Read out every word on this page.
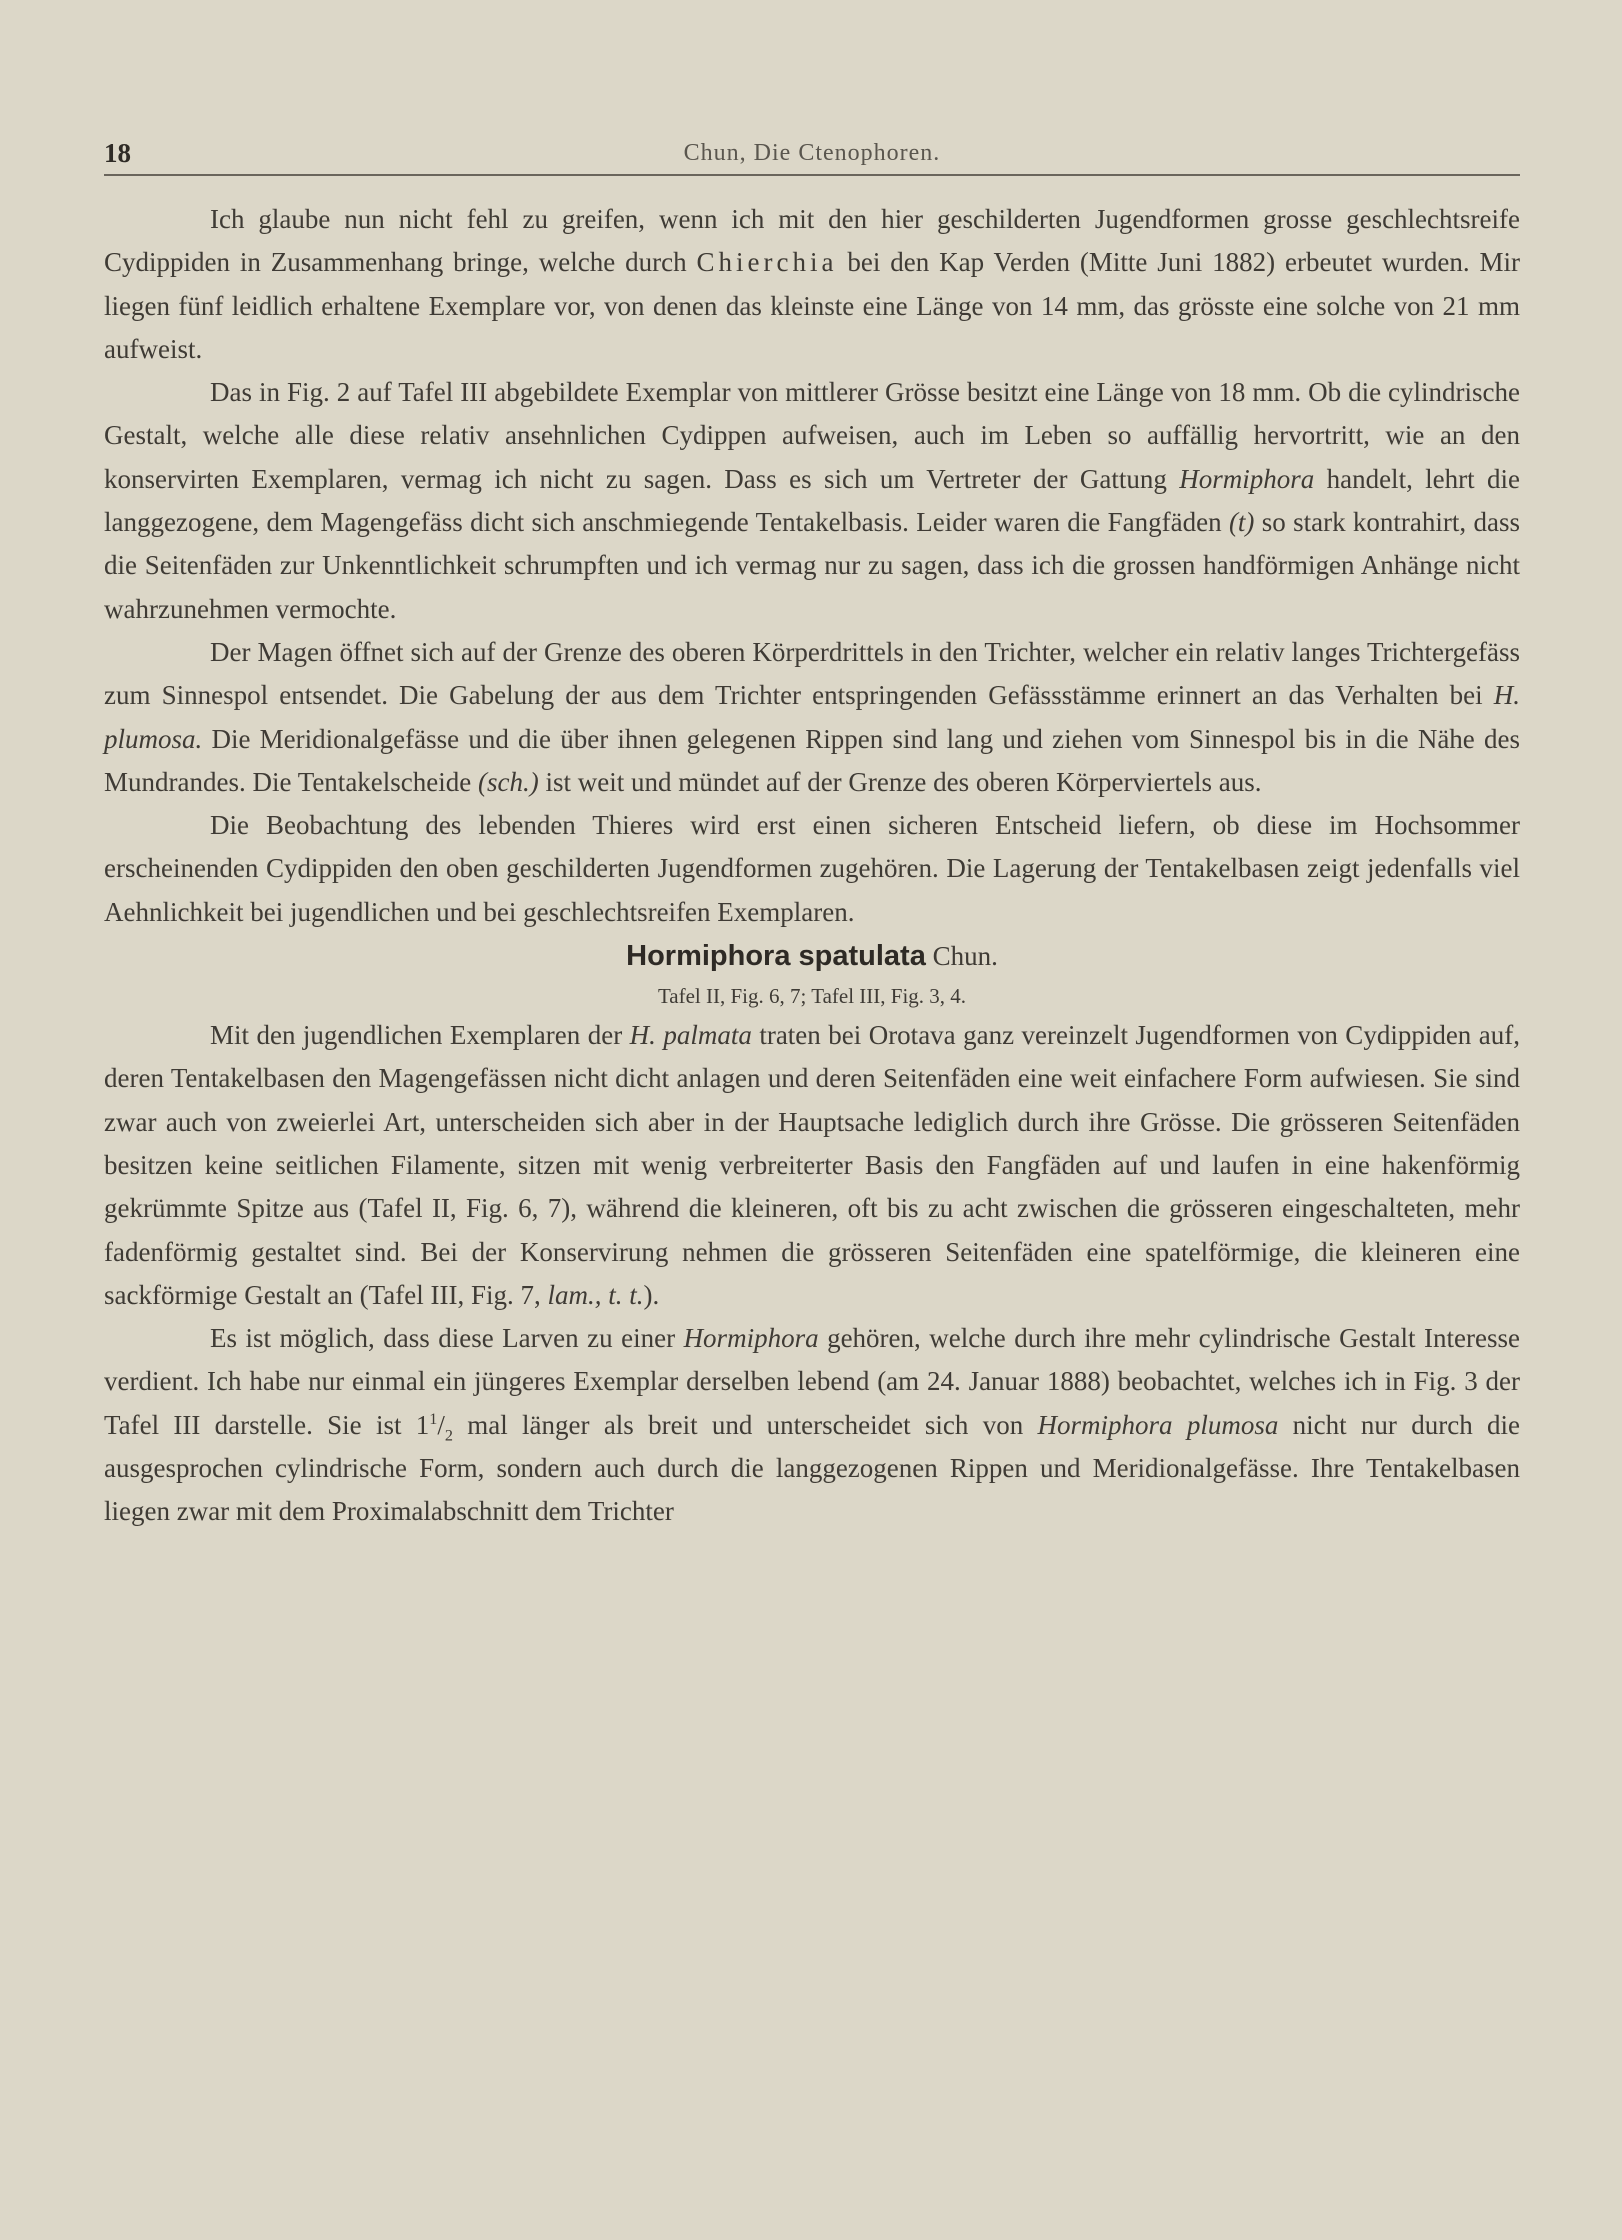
18	Chun, Die Ctenophoren.

Ich glaube nun nicht fehl zu greifen, wenn ich mit den hier geschilderten Jugendformen grosse geschlechtsreife Cydippiden in Zusammenhang bringe, welche durch Chierchia bei den Kap Verden (Mitte Juni 1882) erbeutet wurden. Mir liegen fünf leidlich erhaltene Exemplare vor, von denen das kleinste eine Länge von 14 mm, das grösste eine solche von 21 mm aufweist.

Das in Fig. 2 auf Tafel III abgebildete Exemplar von mittlerer Grösse besitzt eine Länge von 18 mm. Ob die cylindrische Gestalt, welche alle diese relativ ansehnlichen Cydippen aufweisen, auch im Leben so auffällig hervortritt, wie an den konservirten Exemplaren, vermag ich nicht zu sagen. Dass es sich um Vertreter der Gattung Hormiphora handelt, lehrt die langgezogene, dem Magengefäss dicht sich anschmiegende Tentakelbasis. Leider waren die Fangfäden (t) so stark kontrahirt, dass die Seitenfäden zur Unkenntlichkeit schrumpften und ich vermag nur zu sagen, dass ich die grossen handförmigen Anhänge nicht wahrzunehmen vermochte.

Der Magen öffnet sich auf der Grenze des oberen Körperdrittels in den Trichter, welcher ein relativ langes Trichtergefäss zum Sinnespol entsendet. Die Gabelung der aus dem Trichter entspringenden Gefässstämme erinnert an das Verhalten bei H. plumosa. Die Meridionalgefässe und die über ihnen gelegenen Rippen sind lang und ziehen vom Sinnespol bis in die Nähe des Mundrandes. Die Tentakelscheide (sch.) ist weit und mündet auf der Grenze des oberen Körperviertels aus.

Die Beobachtung des lebenden Thieres wird erst einen sicheren Entscheid liefern, ob diese im Hochsommer erscheinenden Cydippiden den oben geschilderten Jugendformen zugehören. Die Lagerung der Tentakelbasen zeigt jedenfalls viel Aehnlichkeit bei jugendlichen und bei geschlechtsreifen Exemplaren.

Hormiphora spatulata Chun.

Tafel II, Fig. 6, 7; Tafel III, Fig. 3, 4.

Mit den jugendlichen Exemplaren der H. palmata traten bei Orotava ganz vereinzelt Jugendformen von Cydippiden auf, deren Tentakelbasen den Magengefässen nicht dicht anlagen und deren Seitenfäden eine weit einfachere Form aufwiesen. Sie sind zwar auch von zweierlei Art, unterscheiden sich aber in der Hauptsache lediglich durch ihre Grösse. Die grösseren Seitenfäden besitzen keine seitlichen Filamente, sitzen mit wenig verbreiterter Basis den Fangfäden auf und laufen in eine hakenförmig gekrümmte Spitze aus (Tafel II, Fig. 6, 7), während die kleineren, oft bis zu acht zwischen die grösseren eingeschalteten, mehr fadenförmig gestaltet sind. Bei der Konservirung nehmen die grösseren Seitenfäden eine spatelförmige, die kleineren eine sackförmige Gestalt an (Tafel III, Fig. 7, lam., t. t.).

Es ist möglich, dass diese Larven zu einer Hormiphora gehören, welche durch ihre mehr cylindrische Gestalt Interesse verdient. Ich habe nur einmal ein jüngeres Exemplar derselben lebend (am 24. Januar 1888) beobachtet, welches ich in Fig. 3 der Tafel III darstelle. Sie ist $1^1/_2$ mal länger als breit und unterscheidet sich von Hormiphora plumosa nicht nur durch die ausgesprochen cylindrische Form, sondern auch durch die langgezogenen Rippen und Meridionalgefässe. Ihre Tentakelbasen liegen zwar mit dem Proximalabschnitt dem Trichter
